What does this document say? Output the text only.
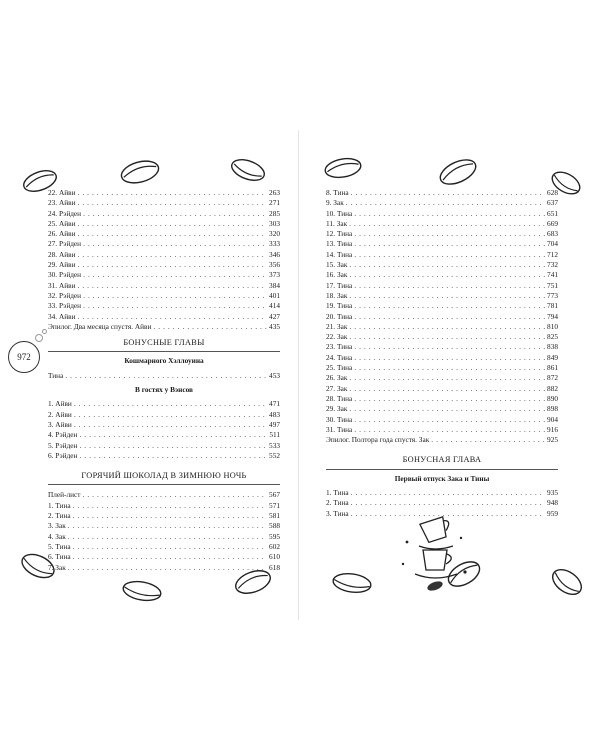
22. Айви . . .	263
23. Айви . . .	271
24. Рэйден . . .	285
25. Айви . . .	303
26. Айви . . .	320
27. Рэйден . . .	333
28. Айви . . .	346
29. Айви . . .	356
30. Рэйден . . .	373
31. Айви . . .	384
32. Рэйден . . .	401
33. Рэйден . . .	414
34. Айви . . .	427
Эпилог. Два месяца спустя. Айви . . .	435
БОНУСНЫЕ ГЛАВЫ
Кошмарного Хэллоуина
Тина . . .	453
В гостях у Вэнсов
1. Айви . . .	471
2. Айви . . .	483
3. Айви . . .	497
4. Рэйден . . .	511
5. Рэйден . . .	533
6. Рэйден . . .	552
ГОРЯЧИЙ ШОКОЛАД В ЗИМНЮЮ НОЧЬ
Плей-лист . . .	567
1. Тина . . .	571
2. Тина . . .	581
3. Зак . . .	588
4. Зак . . .	595
5. Тина . . .	602
6. Тина . . .	610
7. Зак . . .	618
8. Тина . . .	628
9. Зак . . .	637
10. Тина . . .	651
11. Зак . . .	669
12. Тина . . .	683
13. Тина . . .	704
14. Тина . . .	712
15. Зак . . .	732
16. Зак . . .	741
17. Тина . . .	751
18. Зак . . .	773
19. Тина . . .	781
20. Тина . . .	794
21. Зак . . .	810
22. Зак . . .	825
23. Тина . . .	838
24. Тина . . .	849
25. Тина . . .	861
26. Зак . . .	872
27. Зак . . .	882
28. Тина . . .	890
29. Зак . . .	898
30. Тина . . .	904
31. Тина . . .	916
Эпилог. Полтора года спустя. Зак . . .	925
БОНУСНАЯ ГЛАВА
Первый отпуск Зака и Тины
1. Тина . . .	935
2. Тина . . .	948
3. Тина . . .	959
972
